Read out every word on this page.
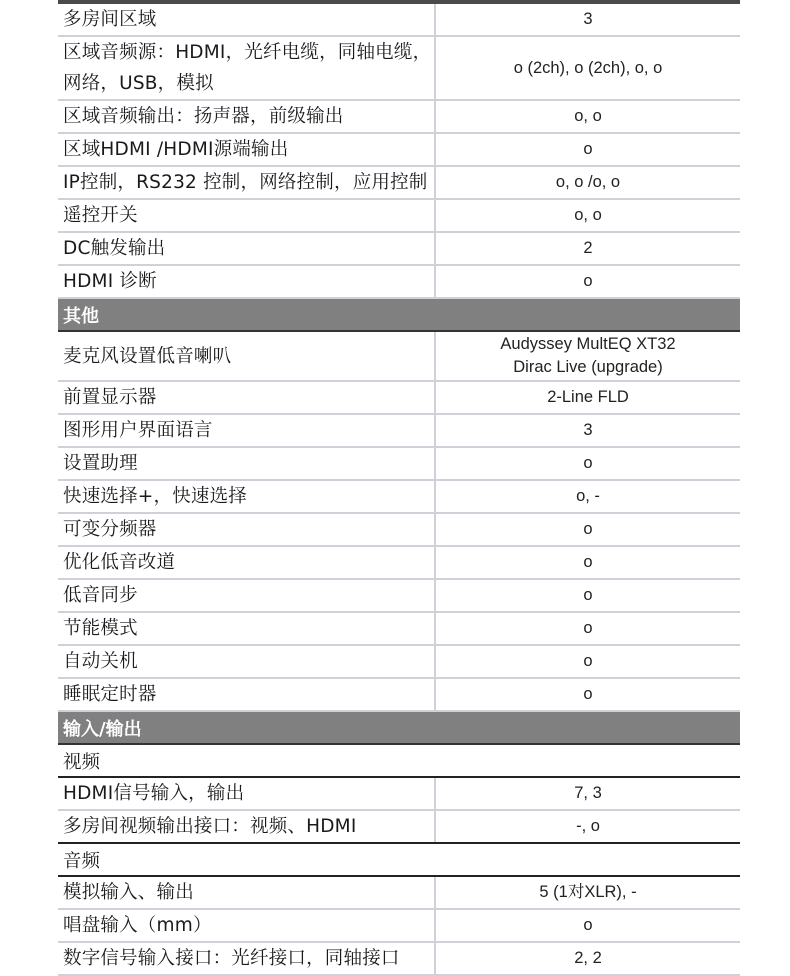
多房间区域	3
区域音频源：HDMI，光纤电缆，同轴电缆，网络，USB，模拟	o (2ch), o (2ch), o, o
区域音频输出：扬声器，前级输出	o, o
区域HDMI /HDMI源端输出	o
IP控制，RS232 控制，网络控制，应用控制	o, o /o, o
遥控开关	o, o
DC触发输出	2
HDMI 诊断	o
其他	
麦克风设置低音喇叭	Audyssey MultEQ XT32
Dirac Live (upgrade)

前置显示器	2-Line FLD
图形用户界面语言	3
设置助理	o
快速选择+，快速选择	o, -
可变分频器	o
优化低音改道	o
低音同步	o
节能模式	o
自动关机	o
睡眠定时器	o
输入/输出	
视频	
HDMI信号输入，输出	7, 3
多房间视频输出接口：视频、HDMI	-, o
音频	
模拟输入、输出	5 (1对XLR), -
唱盘输入（mm）	o
数字信号输入接口：光纤接口，同轴接口	2, 2
